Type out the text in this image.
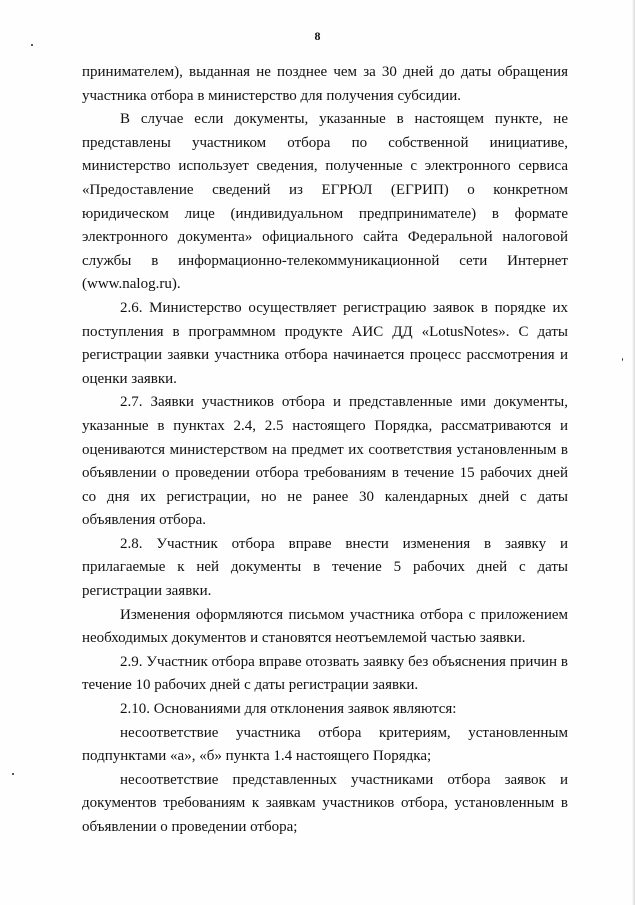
8

принимателем), выданная не позднее чем за 30 дней до даты обращения участника отбора в министерство для получения субсидии.

В случае если документы, указанные в настоящем пункте, не представлены участником отбора по собственной инициативе, министерство использует сведения, полученные с электронного сервиса «Предоставление сведений из ЕГРЮЛ (ЕГРИП) о конкретном юридическом лице (индивидуальном предпринимателе) в формате электронного документа» официального сайта Федеральной налоговой службы в информационно-телекоммуникационной сети Интернет (www.nalog.ru).

2.6. Министерство осуществляет регистрацию заявок в порядке их поступления в программном продукте АИС ДД «LotusNotes». С даты регистрации заявки участника отбора начинается процесс рассмотрения и оценки заявки.

2.7. Заявки участников отбора и представленные ими документы, указанные в пунктах 2.4, 2.5 настоящего Порядка, рассматриваются и оцениваются министерством на предмет их соответствия установленным в объявлении о проведении отбора требованиям в течение 15 рабочих дней со дня их регистрации, но не ранее 30 календарных дней с даты объявления отбора.

2.8. Участник отбора вправе внести изменения в заявку и прилагаемые к ней документы в течение 5 рабочих дней с даты регистрации заявки.

Изменения оформляются письмом участника отбора с приложением необходимых документов и становятся неотъемлемой частью заявки.

2.9. Участник отбора вправе отозвать заявку без объяснения причин в течение 10 рабочих дней с даты регистрации заявки.

2.10. Основаниями для отклонения заявок являются:

несоответствие участника отбора критериям, установленным подпунктами «а», «б» пункта 1.4 настоящего Порядка;

несоответствие представленных участниками отбора заявок и документов требованиям к заявкам участников отбора, установленным в объявлении о проведении отбора;
